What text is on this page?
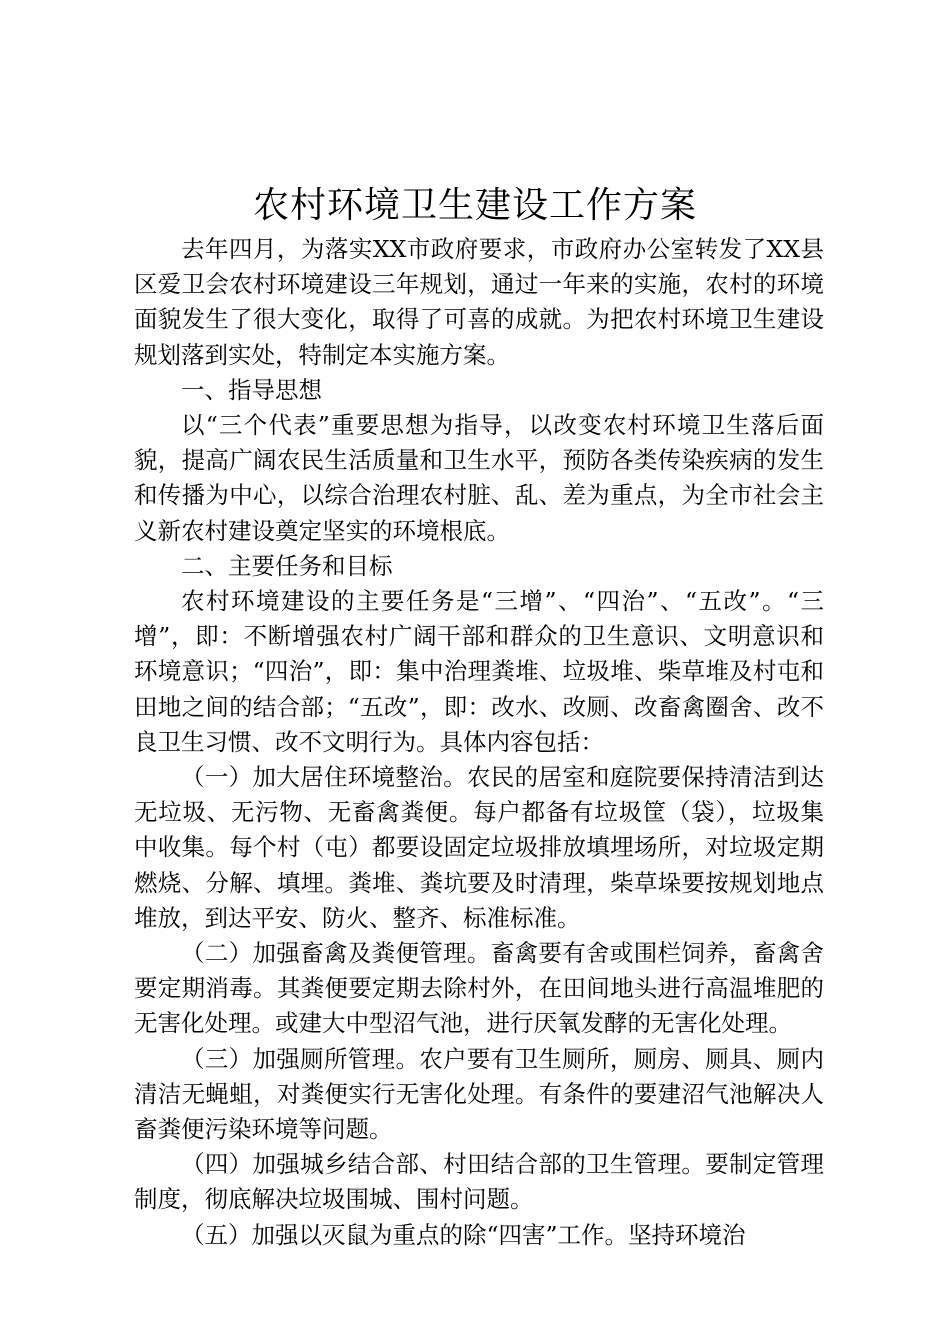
农村环境卫生建设工作方案

去年四月，为落实XX市政府要求，市政府办公室转发了XX县区爱卫会农村环境建设三年规划，通过一年来的实施，农村的环境面貌发生了很大变化，取得了可喜的成就。为把农村环境卫生建设规划落到实处，特制定本实施方案。

一、指导思想

以“三个代表”重要思想为指导，以改变农村环境卫生落后面貌，提高广阔农民生活质量和卫生水平，预防各类传染疾病的发生和传播为中心，以综合治理农村脏、乱、差为重点，为全市社会主义新农村建设奠定坚实的环境根底。

二、主要任务和目标

农村环境建设的主要任务是“三增”、“四治”、“五改”。“三增”，即：不断增强农村广阔干部和群众的卫生意识、文明意识和环境意识；“四治”，即：集中治理粪堆、垃圾堆、柴草堆及村屯和田地之间的结合部；“五改”，即：改水、改厕、改畜禽圈舍、改不良卫生习惯、改不文明行为。具体内容包括：

（一）加大居住环境整治。农民的居室和庭院要保持清洁到达无垃圾、无污物、无畜禽粪便。每户都备有垃圾筐（袋），垃圾集中收集。每个村（屯）都要设固定垃圾排放填埋场所，对垃圾定期燃烧、分解、填埋。粪堆、粪坑要及时清理，柴草垛要按规划地点堆放，到达平安、防火、整齐、标准标准。

（二）加强畜禽及粪便管理。畜禽要有舍或围栏饲养，畜禽舍要定期消毒。其粪便要定期去除村外，在田间地头进行高温堆肥的无害化处理。或建大中型沼气池，进行厌氧发酵的无害化处理。

（三）加强厕所管理。农户要有卫生厕所，厕房、厕具、厕内清洁无蝇蛆，对粪便实行无害化处理。有条件的要建沼气池解决人畜粪便污染环境等问题。

（四）加强城乡结合部、村田结合部的卫生管理。要制定管理制度，彻底解决垃圾围城、围村问题。

（五）加强以灭鼠为重点的除“四害”工作。坚持环境治
